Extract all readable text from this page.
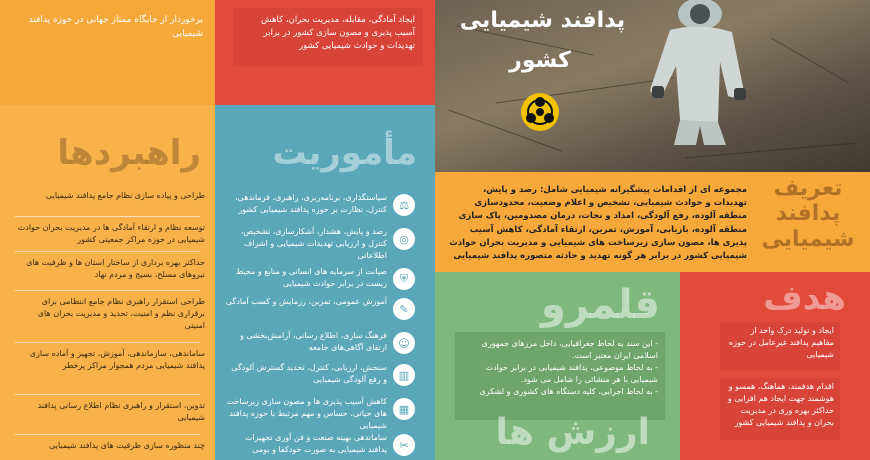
برخوردار از جایگاه ممتاز جهانی در حوزه پدافند شیمیایی
ایجاد آمادگی، مقابله، مدیریت بحران، کاهش آسیب پذیری و مصون سازی کشور در برابر تهدیدات و حوادث شیمیایی کشور
پدافند شیمیایی
کشور
راهبردها
طراحی و پیاده سازی نظام جامع پدافند شیمیایی
توسعه نظام و ارتقاء آمادگی ها در مدیریت بحران حوادث شیمیایی در حوزه مراکز جمعیتی کشور
حداکثر بهره برداری از ساختار استان ها و ظرفیت های نیروهای مسلح، بسیج و مردم نهاد
طراحی استقرار راهبری نظام جامع انتظامی برای برقراری نظم و امنیت، تحدید و مدیریت بحران های امنیتی
ساماندهی، سازماندهی، آموزش، تجهیز و آماده سازی پدافند شیمیایی مردم همجوار مراکز پرخطر
تدوین، استقرار و راهبری نظام اطلاع رسانی پدافند شیمیایی
چند منظوره سازی ظرفیت های پدافند شیمیایی
مأموریت
⚖
سیاستگذاری، برنامه‌ریزی، راهبری، فرماندهی، کنترل، نظارت بر حوزه پدافند شیمیایی کشور
◎
رصد و پایش، هشدار، آشکارسازی، تشخیص، کنترل و ارزیابی تهدیدات شیمیایی و اشراف اطلاعاتی
⛨
صیانت از سرمایه های انسانی و منابع و محیط زیست در برابر حوادث شیمیایی
✎
آموزش عمومی، تمرین، رزمایش و کسب آمادگی
☺
فرهنگ سازی، اطلاع رسانی، آرامش‌بخشی و ارتقای آگاهی‌های جامعه
▥
سنجش، ارزیابی، کنترل، تحدید گسترش آلودگی و رفع آلودگی شیمیایی
▦
کاهش آسیب پذیری ها و مصون سازی زیرساخت های حیاتی، حساس و مهم مرتبط با حوزه پدافند شیمیایی
✂
ساماندهی بهینه صنعت و فن آوری تجهیزات پدافند شیمیایی به صورت خودکفا و بومی
مجموعه ای از اقدامات پیشگیرانه شیمیایی شامل: رصد و پایش، تهدیدات و حوادث شیمیایی، تشخیص و اعلام وضعیت، محدودسازی منطقه آلوده، رفع آلودگی، امداد و نجات، درمان مصدومین، پاک سازی منطقه آلوده، بازیابی، آموزش، تمرین، ارتقاء آمادگی، کاهش آسیب پذیری ها، مصون سازی زیرساخت های شیمیایی و مدیریت بحران حوادث شیمیایی کشور در برابر هر گونه تهدید و حادثه متصوره پدافند شیمیایی
تعریف پدافند شیمیایی
قلمرو
ارزش ها
- این سند به لحاظ جغرافیایی، داخل مرزهای جمهوری اسلامی ایران معتبر است.
- به لحاظ موضوعی، پدافند شیمیایی در برابر حوادث شیمیایی با هر منشائی را شامل می شود.
- به لحاظ اجرایی، کلیه دستگاه های کشوری و لشکری
هدف
ایجاد و تولید درک واحد از مفاهیم پدافند غیرعامل در حوزه شیمیایی
اقدام هدفمند، هماهنگ، همسو و هوشمند جهت ایجاد هم افزایی و حداکثر بهره وری در مدیریت بحران و پدافند شیمیایی کشور
